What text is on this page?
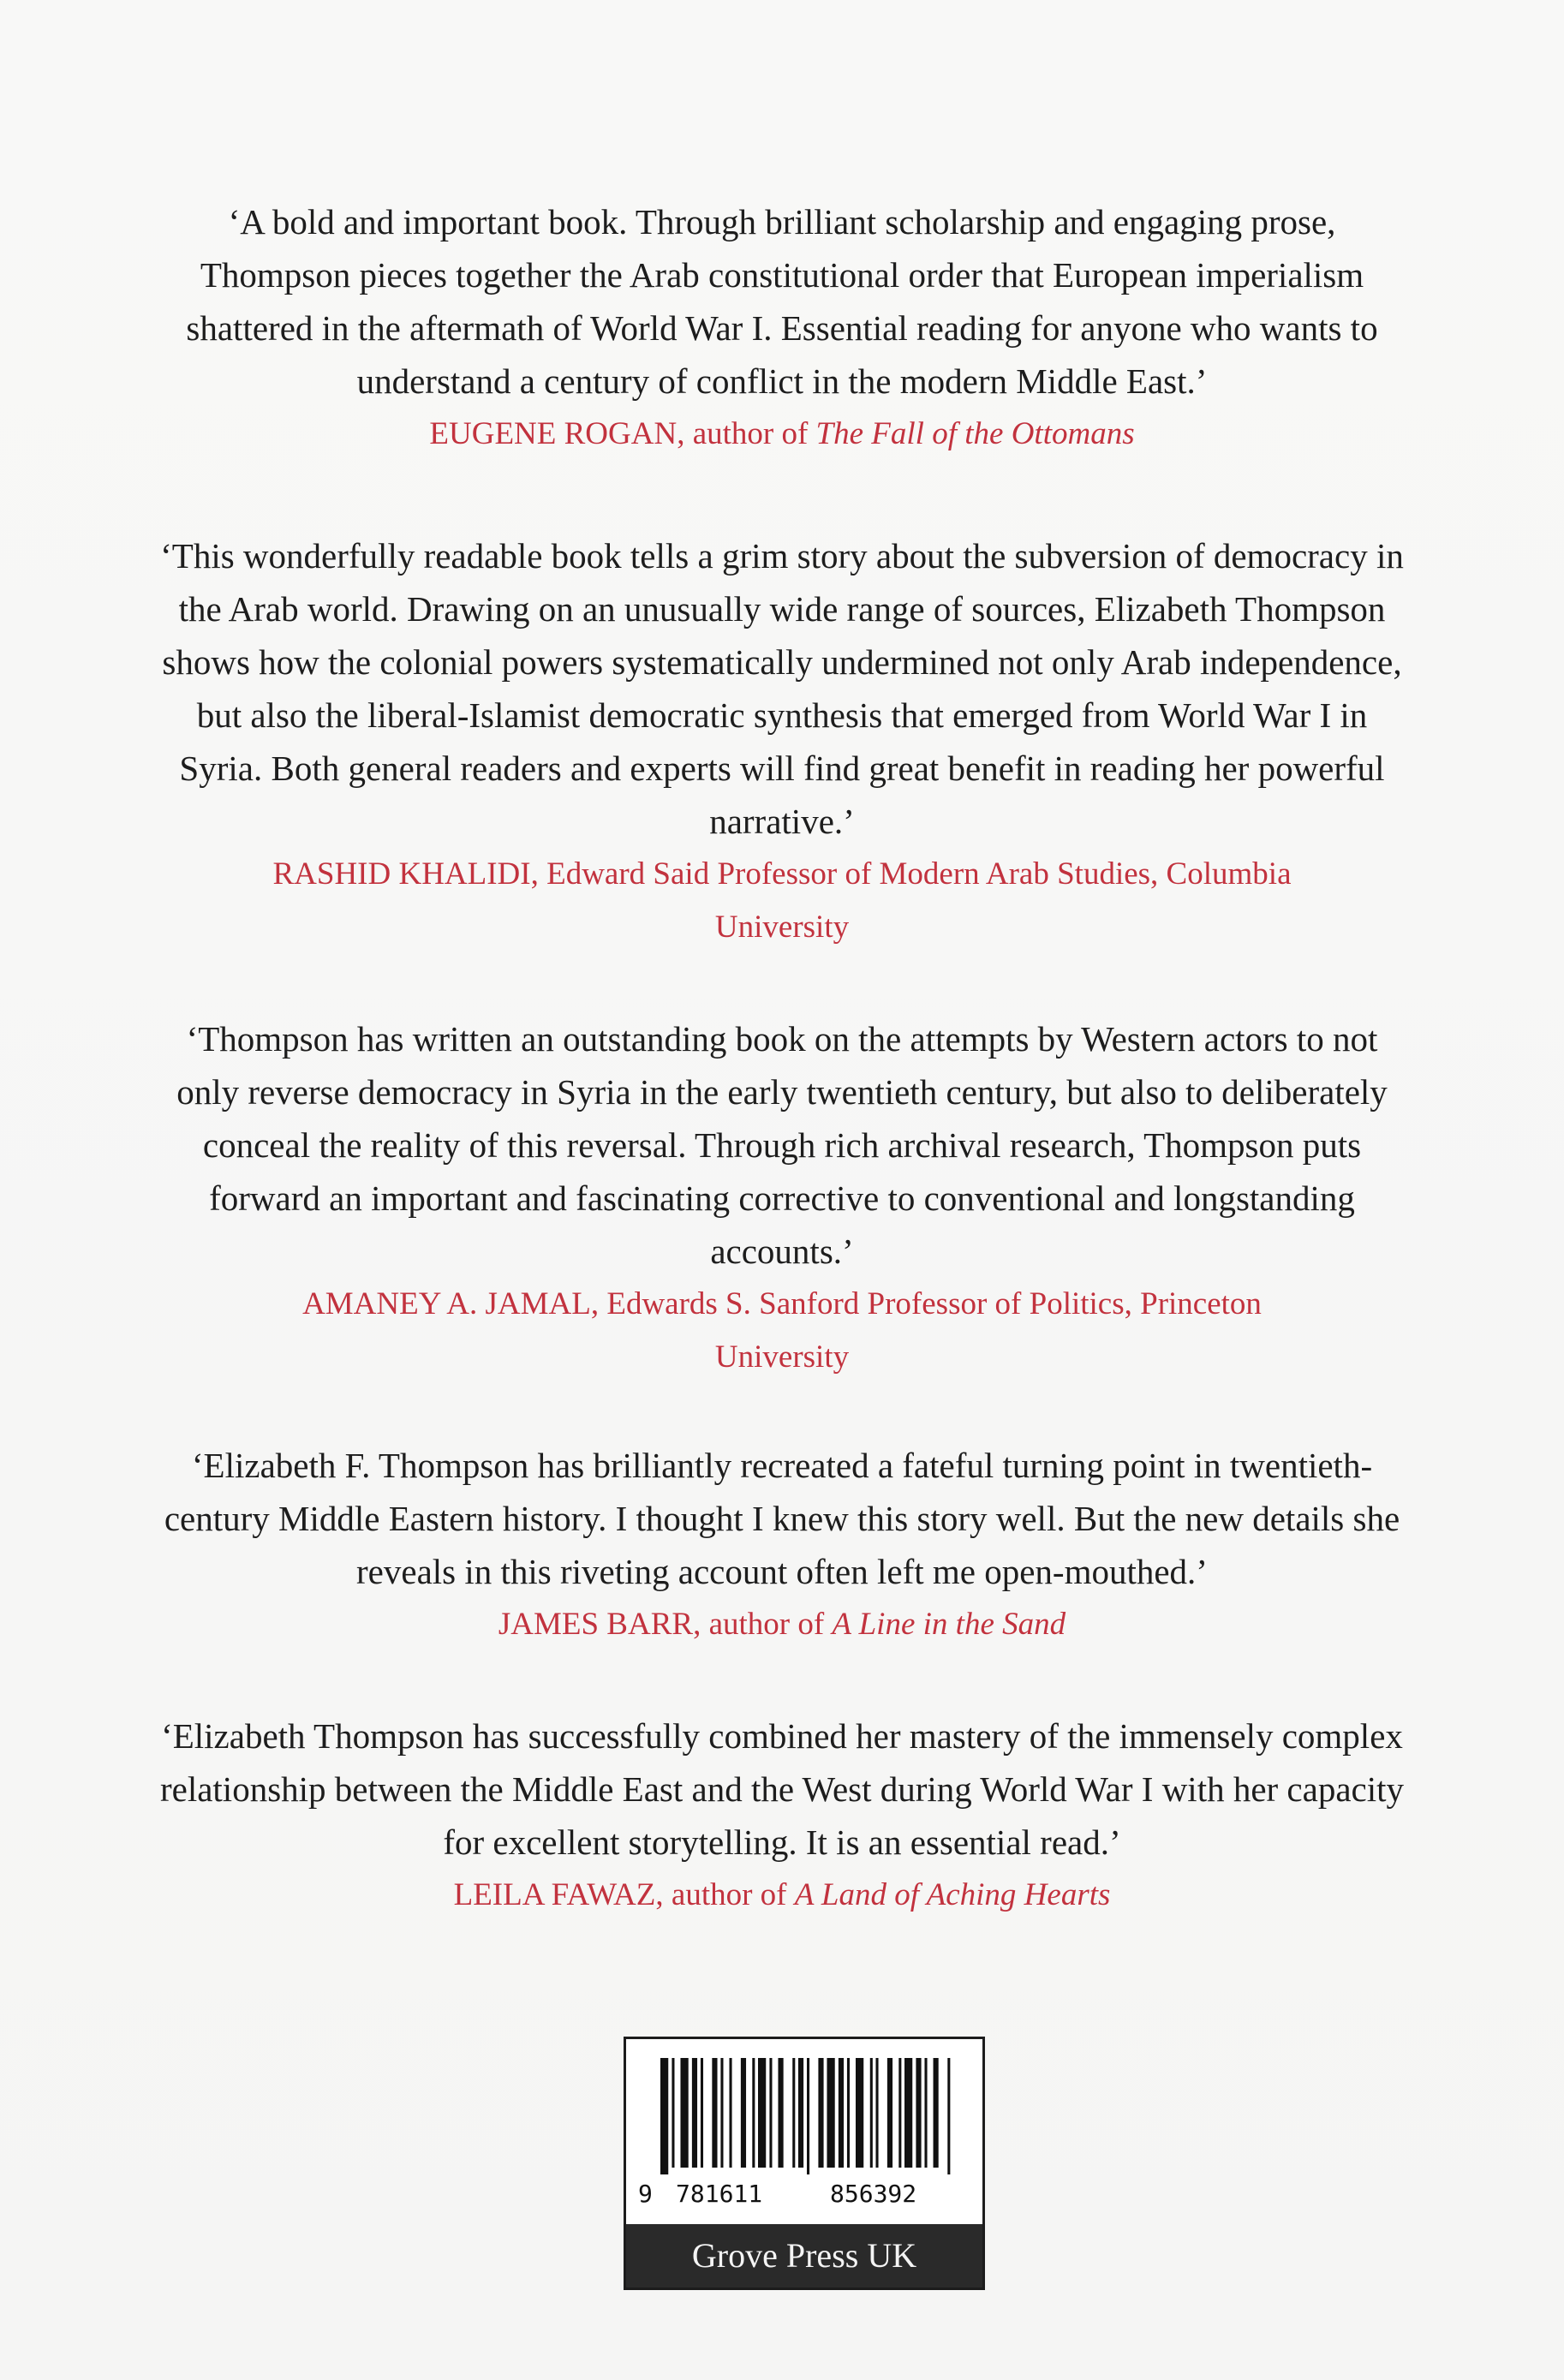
‘A bold and important book. Through brilliant scholarship and engaging prose, Thompson pieces together the Arab constitutional order that European imperialism shattered in the aftermath of World War I. Essential reading for anyone who wants to understand a century of conflict in the modern Middle East.’

EUGENE ROGAN, author of The Fall of the Ottomans

‘This wonderfully readable book tells a grim story about the subversion of democracy in the Arab world. Drawing on an unusually wide range of sources, Elizabeth Thompson shows how the colonial powers systematically undermined not only Arab independence, but also the liberal-Islamist democratic synthesis that emerged from World War I in Syria. Both general readers and experts will find great benefit in reading her powerful narrative.’

RASHID KHALIDI, Edward Said Professor of Modern Arab Studies, Columbia University

‘Thompson has written an outstanding book on the attempts by Western actors to not only reverse democracy in Syria in the early twentieth century, but also to deliberately conceal the reality of this reversal. Through rich archival research, Thompson puts forward an important and fascinating corrective to conventional and longstanding accounts.’

AMANEY A. JAMAL, Edwards S. Sanford Professor of Politics, Princeton University

‘Elizabeth F. Thompson has brilliantly recreated a fateful turning point in twentieth-century Middle Eastern history. I thought I knew this story well. But the new details she reveals in this riveting account often left me open-mouthed.’

JAMES BARR, author of A Line in the Sand

‘Elizabeth Thompson has successfully combined her mastery of the immensely complex relationship between the Middle East and the West during World War I with her capacity for excellent storytelling. It is an essential read.’

LEILA FAWAZ, author of A Land of Aching Hearts

9 781611	856392
Grove Press UK
